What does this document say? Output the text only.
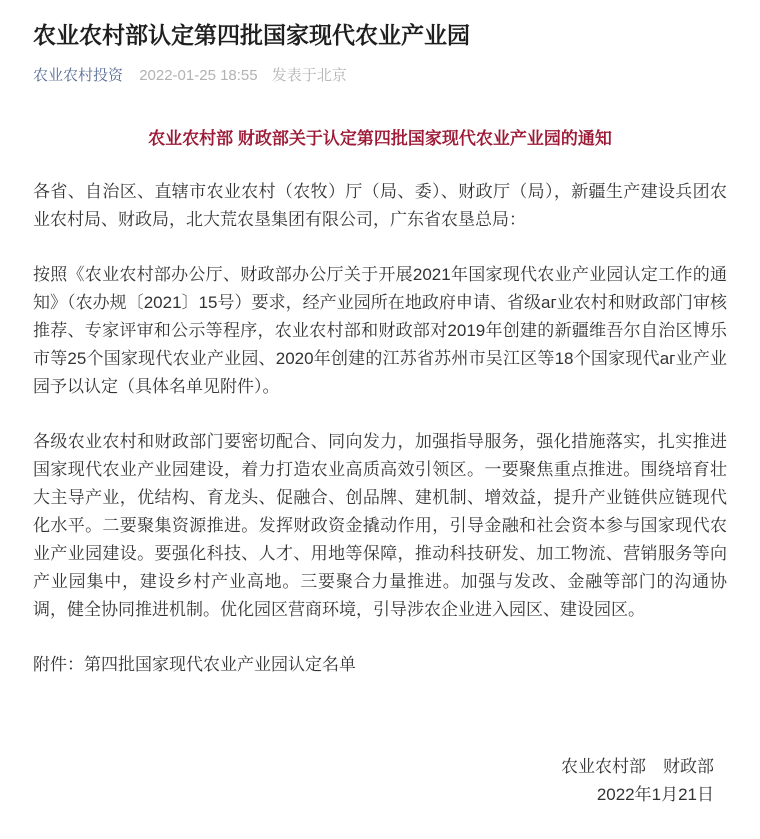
农业农村部认定第四批国家现代农业产业园
农业农村投资 2022-01-25 18:55 发表于北京
农业农村部 财政部关于认定第四批国家现代农业产业园的通知

各省、自治区、直辖市农业农村（农牧）厅（局、委）、财政厅（局），新疆生产建设兵团农业农村局、财政局，北大荒农垦集团有限公司，广东省农垦总局：

按照《农业农村部办公厅、财政部办公厅关于开展2021年国家现代农业产业园认定工作的通知》（农办规〔2021〕15号）要求，经产业园所在地政府申请、省级аг业农村和财政部门审核推荐、专家评审和公示等程序，农业农村部和财政部对2019年创建的新疆维吾尔自治区博乐市等25个国家现代农业产业园、2020年创建的江苏省苏州市吴江区等18个国家现代аг业产业园予以认定（具体名单见附件）。

各级农业农村和财政部门要密切配合、同向发力，加强指导服务，强化措施落实，扎实推进国家现代农业产业园建设，着力打造农业高质高效引领区。一要聚焦重点推进。围绕培育壮大主导产业，优结构、育龙头、促融合、创品牌、建机制、增效益，提升产业链供应链现代化水平。二要聚集资源推进。发挥财政资金撬动作用，引导金融和社会资本参与国家现代农业产业园建设。要强化科技、人才、用地等保障，推动科技研发、加工物流、营销服务等向产业园集中，建设乡村产业高地。三要聚合力量推进。加强与发改、金融等部门的沟通协调，健全协同推进机制。优化园区营商环境，引导涉农企业进入园区、建设园区。

附件：第四批国家现代农业产业园认定名单

农业农村部　财政部

2022年1月21日
